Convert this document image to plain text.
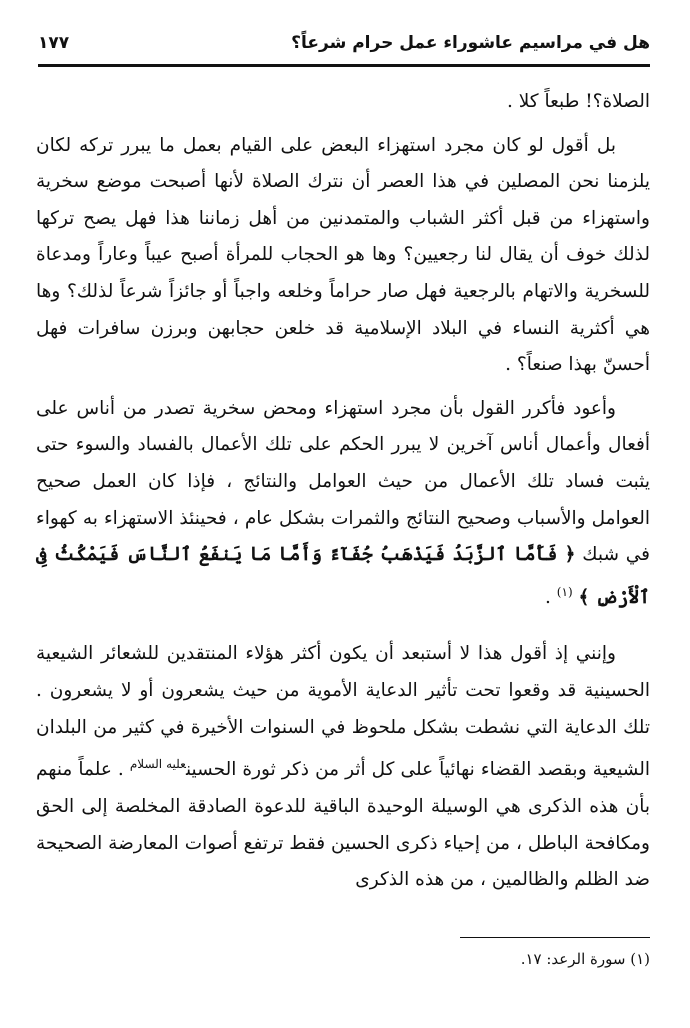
هل في مراسيم عاشوراء عمل حرام شرعاً؟
١٧٧

الصلاة؟! طبعاً كلا .

بل أقول لو كان مجرد استهزاء البعض على القيام بعمل ما يبرر تركه لكان يلزمنا نحن المصلين في هذا العصر أن نترك الصلاة لأنها أصبحت موضع سخرية واستهزاء من قبل أكثر الشباب والمتمدنين من أهل زماننا هذا فهل يصح تركها لذلك خوف أن يقال لنا رجعيين؟ وها هو الحجاب للمرأة أصبح عيباً وعاراً ومدعاة للسخرية والاتهام بالرجعية فهل صار حراماً وخلعه واجباً أو جائزاً شرعاً لذلك؟ وها هي أكثرية النساء في البلاد الإسلامية قد خلعن حجابهن وبرزن سافرات فهل أحسنّ بهذا صنعاً؟ .

وأعود فأكرر القول بأن مجرد استهزاء ومحض سخرية تصدر من أناس على أفعال وأعمال أناس آخرين لا يبرر الحكم على تلك الأعمال بالفساد والسوء حتى يثبت فساد تلك الأعمال من حيث العوامل والنتائج ، فإذا كان العمل صحيح العوامل والأسباب وصحيح النتائج والثمرات بشكل عام ، فحينئذ الاستهزاء به كهواء في شبك ﴿ فَأَمَّا ٱلزَّبَدُ فَيَذْهَبُ جُفَآءً وَأَمَّا مَا يَنفَعُ ٱلنَّاسَ فَيَمْكُثُ فِى ٱلْأَرْضِ ﴾ $^{(١)}$ .

وإنني إذ أقول هذا لا أستبعد أن يكون أكثر هؤلاء المنتقدين للشعائر الشيعية الحسينية قد وقعوا تحت تأثير الدعاية الأموية من حيث يشعرون أو لا يشعرون . تلك الدعاية التي نشطت بشكل ملحوظ في السنوات الأخيرة في كثير من البلدان الشيعية وبقصد القضاء نهائياً على كل أثر من ذكر ثورة الحسين$^{عليه السلام}$ . علماً منهم بأن هذه الذكرى هي الوسيلة الوحيدة الباقية للدعوة الصادقة المخلصة إلى الحق ومكافحة الباطل ، من إحياء ذكرى الحسين فقط ترتفع أصوات المعارضة الصحيحة ضد الظلم والظالمين ، من هذه الذكرى

(١) سورة الرعد: ١٧.
